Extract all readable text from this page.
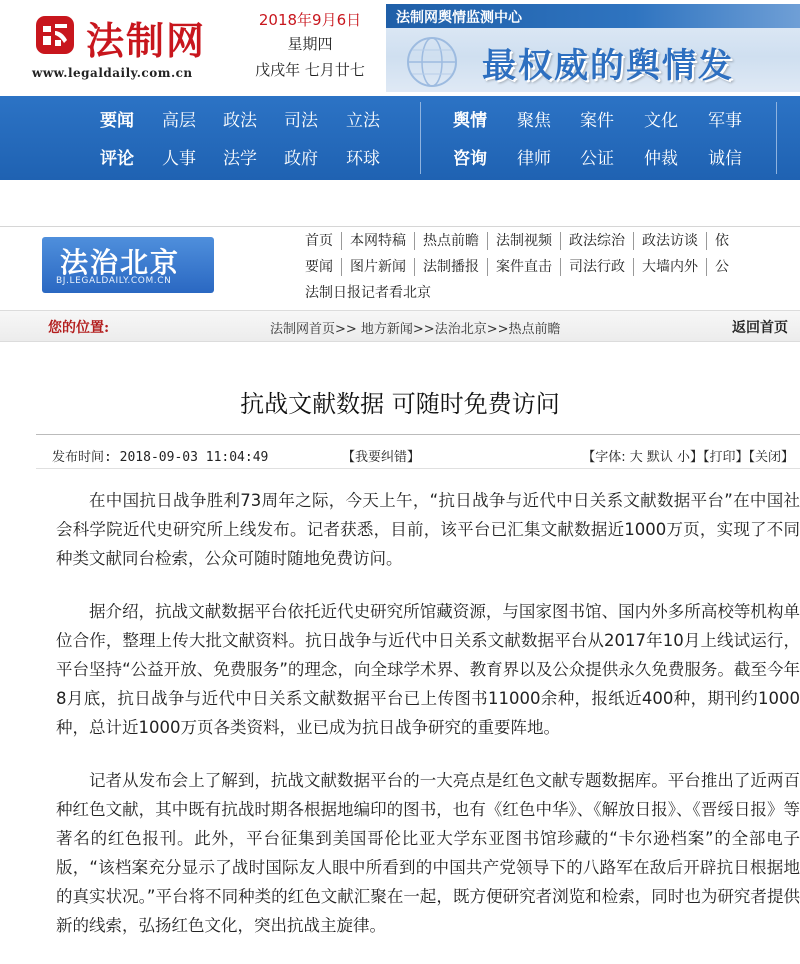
法制网
www.legaldaily.com.cn
2018年9月6日
星期四
戊戌年 七月廿七
法制网舆情监测中心
最权威的舆情发
要闻 高层 政法 司法 立法	舆情 聚焦 案件 文化 军事
评论 人事 法学 政府 环球	咨询 律师 公证 仲裁 诚信
法治北京
BJ.LEGALDAILY.COM.CN
首页 本网特稿 热点前瞻 法制视频 政法综治 政法访谈 依
要闻 图片新闻 法制播报 案件直击 司法行政 大墙内外 公
法制日报记者看北京
您的位置:	法制网首页>> 地方新闻>>法治北京>>热点前瞻	返回首页
抗战文献数据 可随时免费访问
发布时间: 2018-09-03 11:04:49	【我要纠错】	【字体: 大 默认 小】【打印】【关闭】

在中国抗日战争胜利73周年之际，今天上午，“抗日战争与近代中日关系文献数据平台”在中国社会科学院近代史研究所上线发布。记者获悉，目前，该平台已汇集文献数据近1000万页，实现了不同种类文献同台检索，公众可随时随地免费访问。

据介绍，抗战文献数据平台依托近代史研究所馆藏资源，与国家图书馆、国内外多所高校等机构单位合作，整理上传大批文献资料。抗日战争与近代中日关系文献数据平台从2017年10月上线试运行，平台坚持“公益开放、免费服务”的理念，向全球学术界、教育界以及公众提供永久免费服务。截至今年8月底，抗日战争与近代中日关系文献数据平台已上传图书11000余种，报纸近400种，期刊约1000种，总计近1000万页各类资料，业已成为抗日战争研究的重要阵地。

记者从发布会上了解到，抗战文献数据平台的一大亮点是红色文献专题数据库。平台推出了近两百种红色文献，其中既有抗战时期各根据地编印的图书，也有《红色中华》、《解放日报》、《晋绥日报》等著名的红色报刊。此外，平台征集到美国哥伦比亚大学东亚图书馆珍藏的“卡尔逊档案”的全部电子版，“该档案充分显示了战时国际友人眼中所看到的中国共产党领导下的八路军在敌后开辟抗日根据地的真实状况。”平台将不同种类的红色文献汇聚在一起，既方便研究者浏览和检索，同时也为研究者提供新的线索，弘扬红色文化，突出抗战主旋律。
